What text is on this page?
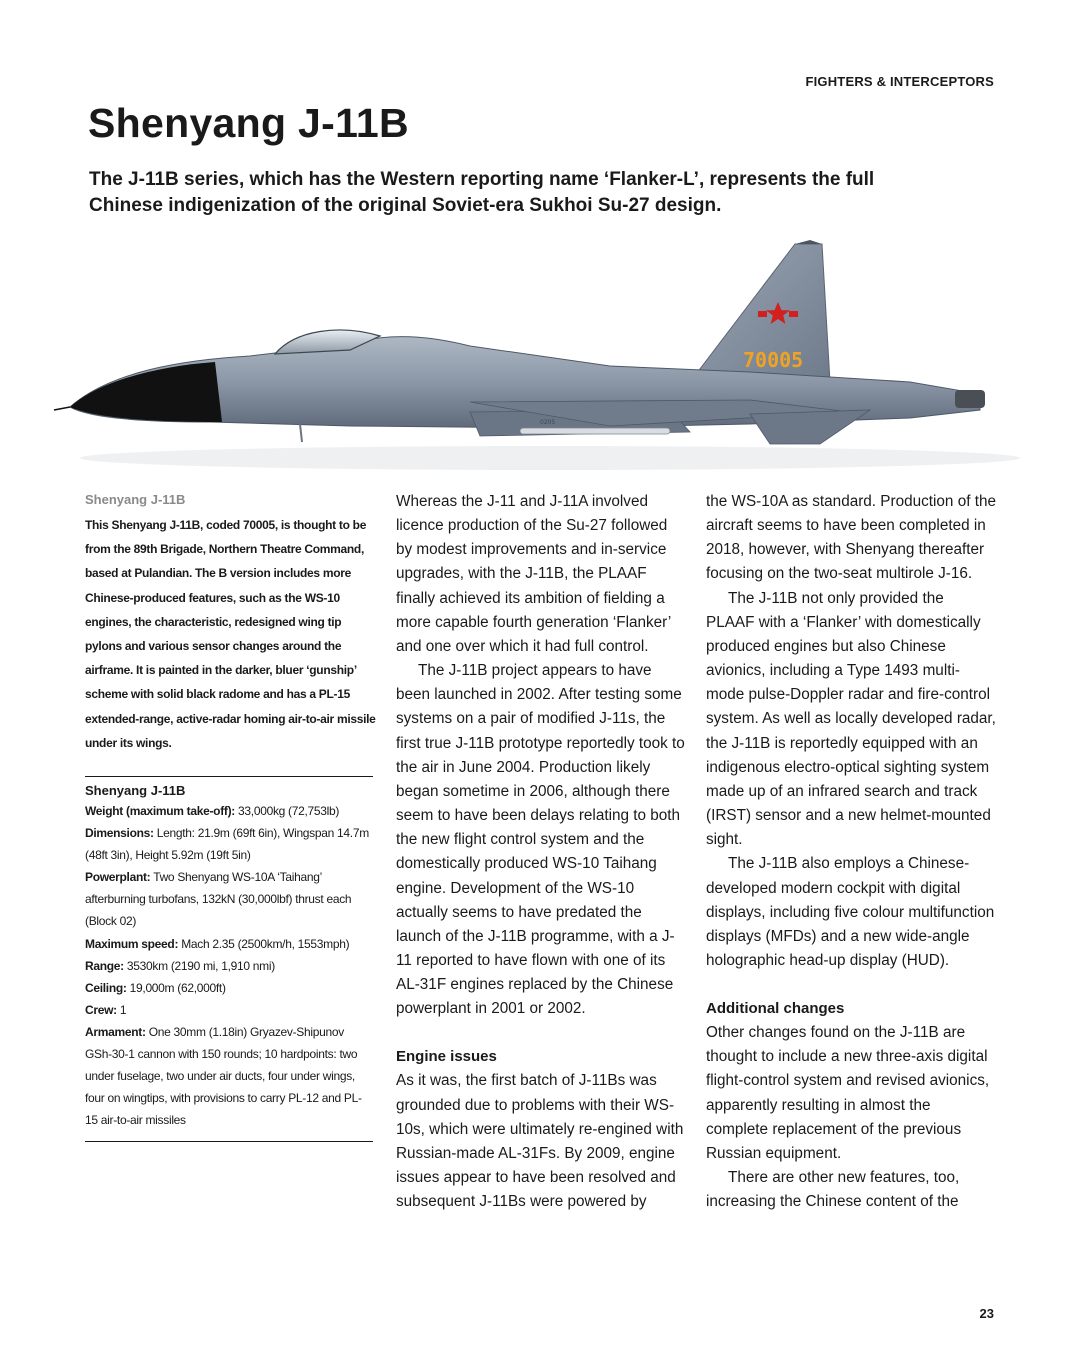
FIGHTERS & INTERCEPTORS
Shenyang J-11B

The J-11B series, which has the Western reporting name ‘Flanker-L’, represents the full Chinese indigenization of the original Soviet-era Sukhoi Su-27 design.

70005
0205
Shenyang J-11B

This Shenyang J-11B, coded 70005, is thought to be from the 89th Brigade, Northern Theatre Command, based at Pulandian. The B version includes more Chinese-produced features, such as the WS-10 engines, the characteristic, redesigned wing tip pylons and various sensor changes around the airframe. It is painted in the darker, bluer ‘gunship’ scheme with solid black radome and has a PL-15 extended-range, active-radar homing air-to-air missile under its wings.

Shenyang J-11B

Weight (maximum take-off): 33,000kg (72,753lb)

Dimensions: Length: 21.9m (69ft 6in), Wingspan 14.7m (48ft 3in), Height 5.92m (19ft 5in)

Powerplant: Two Shenyang WS-10A ‘Taihang’ afterburning turbofans, 132kN (30,000lbf) thrust each (Block 02)

Maximum speed: Mach 2.35 (2500km/h, 1553mph)

Range: 3530km (2190 mi, 1,910 nmi)

Ceiling: 19,000m (62,000ft)

Crew: 1

Armament: One 30mm (1.18in) Gryazev-Shipunov GSh-30-1 cannon with 150 rounds; 10 hardpoints: two under fuselage, two under air ducts, four under wings, four on wingtips, with provisions to carry PL-12 and PL-15 air-to-air missiles

Whereas the J-11 and J-11A involved licence production of the Su-27 followed by modest improvements and in-service upgrades, with the J-11B, the PLAAF finally achieved its ambition of fielding a more capable fourth generation ‘Flanker’ and one over which it had full control.

The J-11B project appears to have been launched in 2002. After testing some systems on a pair of modified J-11s, the first true J-11B prototype reportedly took to the air in June 2004. Production likely began sometime in 2006, although there seem to have been delays relating to both the new flight control system and the domestically produced WS-10 Taihang engine. Development of the WS-10 actually seems to have predated the launch of the J-11B programme, with a J-11 reported to have flown with one of its AL-31F engines replaced by the Chinese powerplant in 2001 or 2002.

Engine issues

As it was, the first batch of J-11Bs was grounded due to problems with their WS-10s, which were ultimately re-engined with Russian-made AL-31Fs. By 2009, engine issues appear to have been resolved and subsequent J-11Bs were powered by

the WS-10A as standard. Production of the aircraft seems to have been completed in 2018, however, with Shenyang thereafter focusing on the two-seat multirole J-16.

The J-11B not only provided the PLAAF with a ‘Flanker’ with domestically produced engines but also Chinese avionics, including a Type 1493 multi-mode pulse-Doppler radar and fire-control system. As well as locally developed radar, the J-11B is reportedly equipped with an indigenous electro-optical sighting system made up of an infrared search and track (IRST) sensor and a new helmet-mounted sight.

The J-11B also employs a Chinese-developed modern cockpit with digital displays, including five colour multifunction displays (MFDs) and a new wide-angle holographic head-up display (HUD).

Additional changes

Other changes found on the J-11B are thought to include a new three-axis digital flight-control system and revised avionics, apparently resulting in almost the complete replacement of the previous Russian equipment.

There are other new features, too, increasing the Chinese content of the

23
